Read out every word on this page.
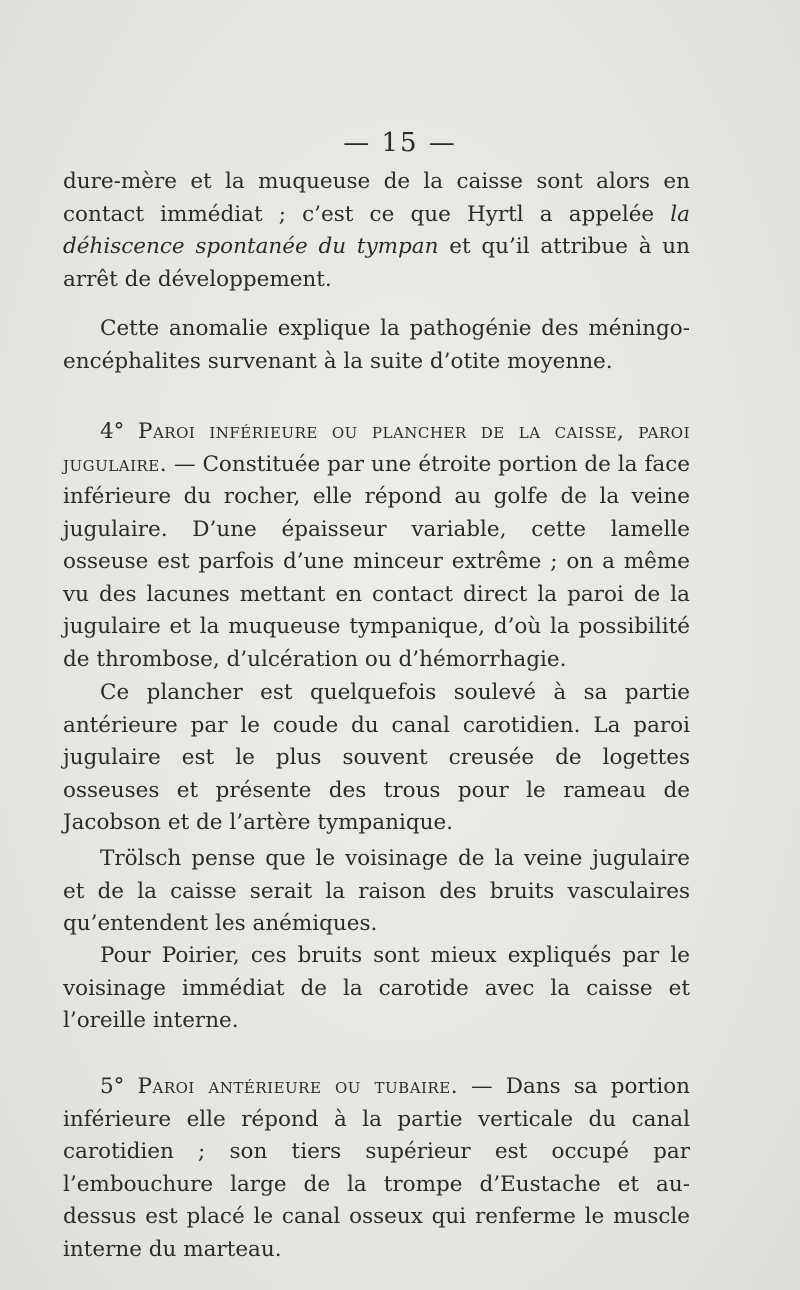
— 15 —

dure-mère et la muqueuse de la caisse sont alors en contact immédiat ; c’est ce que Hyrtl a appelée la déhiscence spontanée du tympan et qu’il attribue à un arrêt de développement.

Cette anomalie explique la pathogénie des méningo-encéphalites survenant à la suite d’otite moyenne.

4° Paroi inférieure ou plancher de la caisse, paroi jugulaire. — Constituée par une étroite portion de la face inférieure du rocher, elle répond au golfe de la veine jugulaire. D’une épaisseur variable, cette lamelle osseuse est parfois d’une minceur extrême ; on a même vu des lacunes mettant en contact direct la paroi de la jugulaire et la muqueuse tympanique, d’où la possibilité de thrombose, d’ulcération ou d’hémorrhagie.

Ce plancher est quelquefois soulevé à sa partie antérieure par le coude du canal carotidien. La paroi jugulaire est le plus souvent creusée de logettes osseuses et présente des trous pour le rameau de Jacobson et de l’artère tympanique.

Trölsch pense que le voisinage de la veine jugulaire et de la caisse serait la raison des bruits vasculaires qu’entendent les anémiques.

Pour Poirier, ces bruits sont mieux expliqués par le voisinage immédiat de la carotide avec la caisse et l’oreille interne.

5° Paroi antérieure ou tubaire. — Dans sa portion inférieure elle répond à la partie verticale du canal carotidien ; son tiers supérieur est occupé par l’embouchure large de la trompe d’Eustache et au-dessus est placé le canal osseux qui renferme le muscle interne du marteau.
